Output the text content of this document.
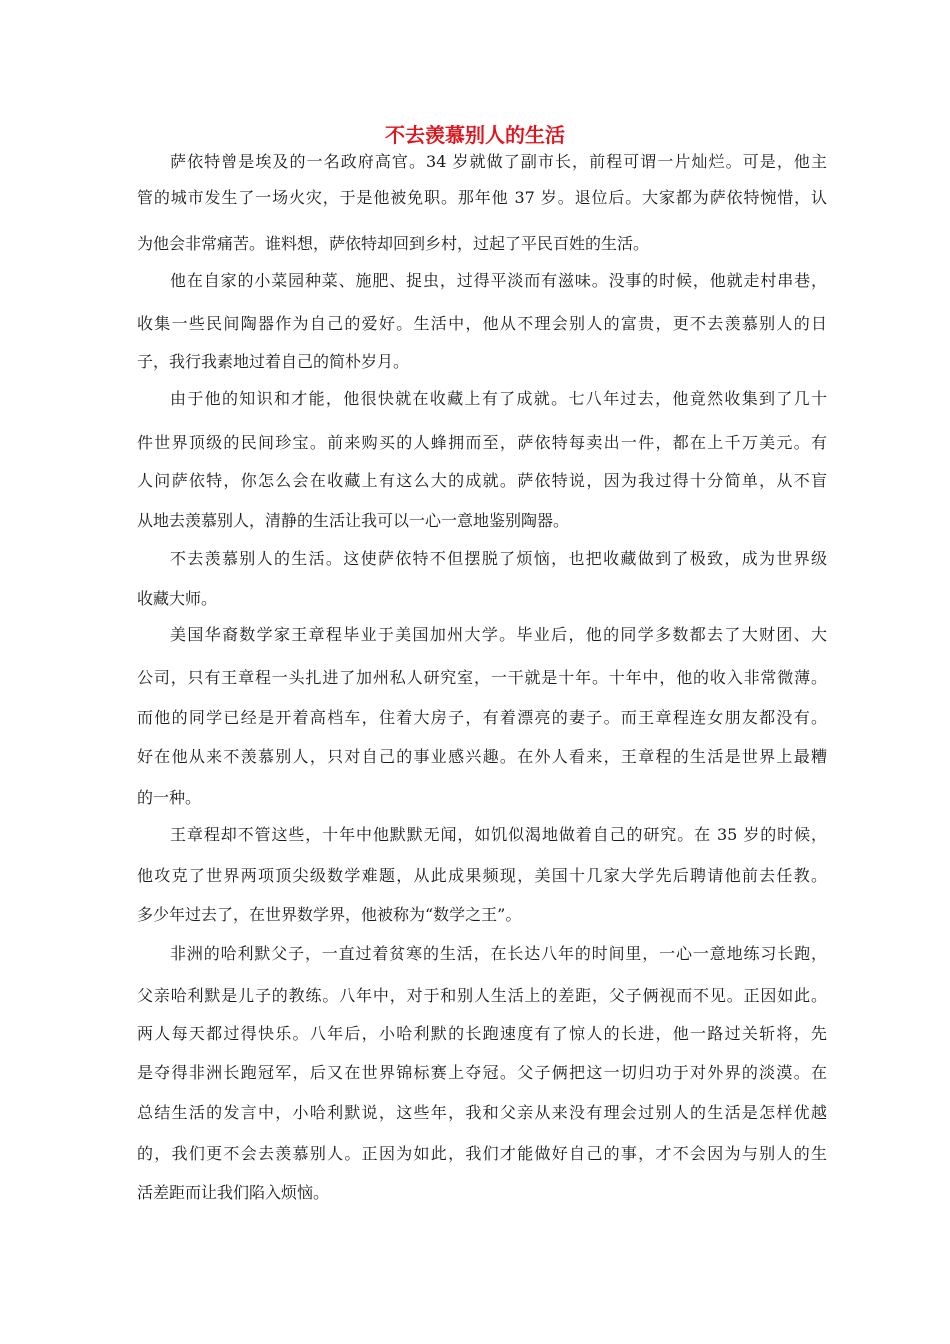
不去羡慕别人的生活
萨依特曾是埃及的一名政府高官。34 岁就做了副市长，前程可谓一片灿烂。可是，他主
管的城市发生了一场火灾，于是他被免职。那年他 37 岁。退位后。大家都为萨依特惋惜，认
为他会非常痛苦。谁料想，萨依特却回到乡村，过起了平民百姓的生活。
他在自家的小菜园种菜、施肥、捉虫，过得平淡而有滋味。没事的时候，他就走村串巷，
收集一些民间陶器作为自己的爱好。生活中，他从不理会别人的富贵，更不去羡慕别人的日
子，我行我素地过着自己的简朴岁月。
由于他的知识和才能，他很快就在收藏上有了成就。七八年过去，他竟然收集到了几十
件世界顶级的民间珍宝。前来购买的人蜂拥而至，萨依特每卖出一件，都在上千万美元。有
人问萨依特，你怎么会在收藏上有这么大的成就。萨依特说，因为我过得十分简单，从不盲
从地去羡慕别人，清静的生活让我可以一心一意地鉴别陶器。
不去羡慕别人的生活。这使萨依特不但摆脱了烦恼，也把收藏做到了极致，成为世界级
收藏大师。
美国华裔数学家王章程毕业于美国加州大学。毕业后，他的同学多数都去了大财团、大
公司，只有王章程一头扎进了加州私人研究室，一干就是十年。十年中，他的收入非常微薄。
而他的同学已经是开着高档车，住着大房子，有着漂亮的妻子。而王章程连女朋友都没有。
好在他从来不羡慕别人，只对自己的事业感兴趣。在外人看来，王章程的生活是世界上最糟
的一种。
王章程却不管这些，十年中他默默无闻，如饥似渴地做着自己的研究。在 35 岁的时候，
他攻克了世界两项顶尖级数学难题，从此成果频现，美国十几家大学先后聘请他前去任教。
多少年过去了，在世界数学界，他被称为“数学之王”。
非洲的哈利默父子，一直过着贫寒的生活，在长达八年的时间里，一心一意地练习长跑，
父亲哈利默是儿子的教练。八年中，对于和别人生活上的差距，父子俩视而不见。正因如此。
两人每天都过得快乐。八年后，小哈利默的长跑速度有了惊人的长进，他一路过关斩将，先
是夺得非洲长跑冠军，后又在世界锦标赛上夺冠。父子俩把这一切归功于对外界的淡漠。在
总结生活的发言中，小哈利默说，这些年，我和父亲从来没有理会过别人的生活是怎样优越
的，我们更不会去羡慕别人。正因为如此，我们才能做好自己的事，才不会因为与别人的生
活差距而让我们陷入烦恼。
